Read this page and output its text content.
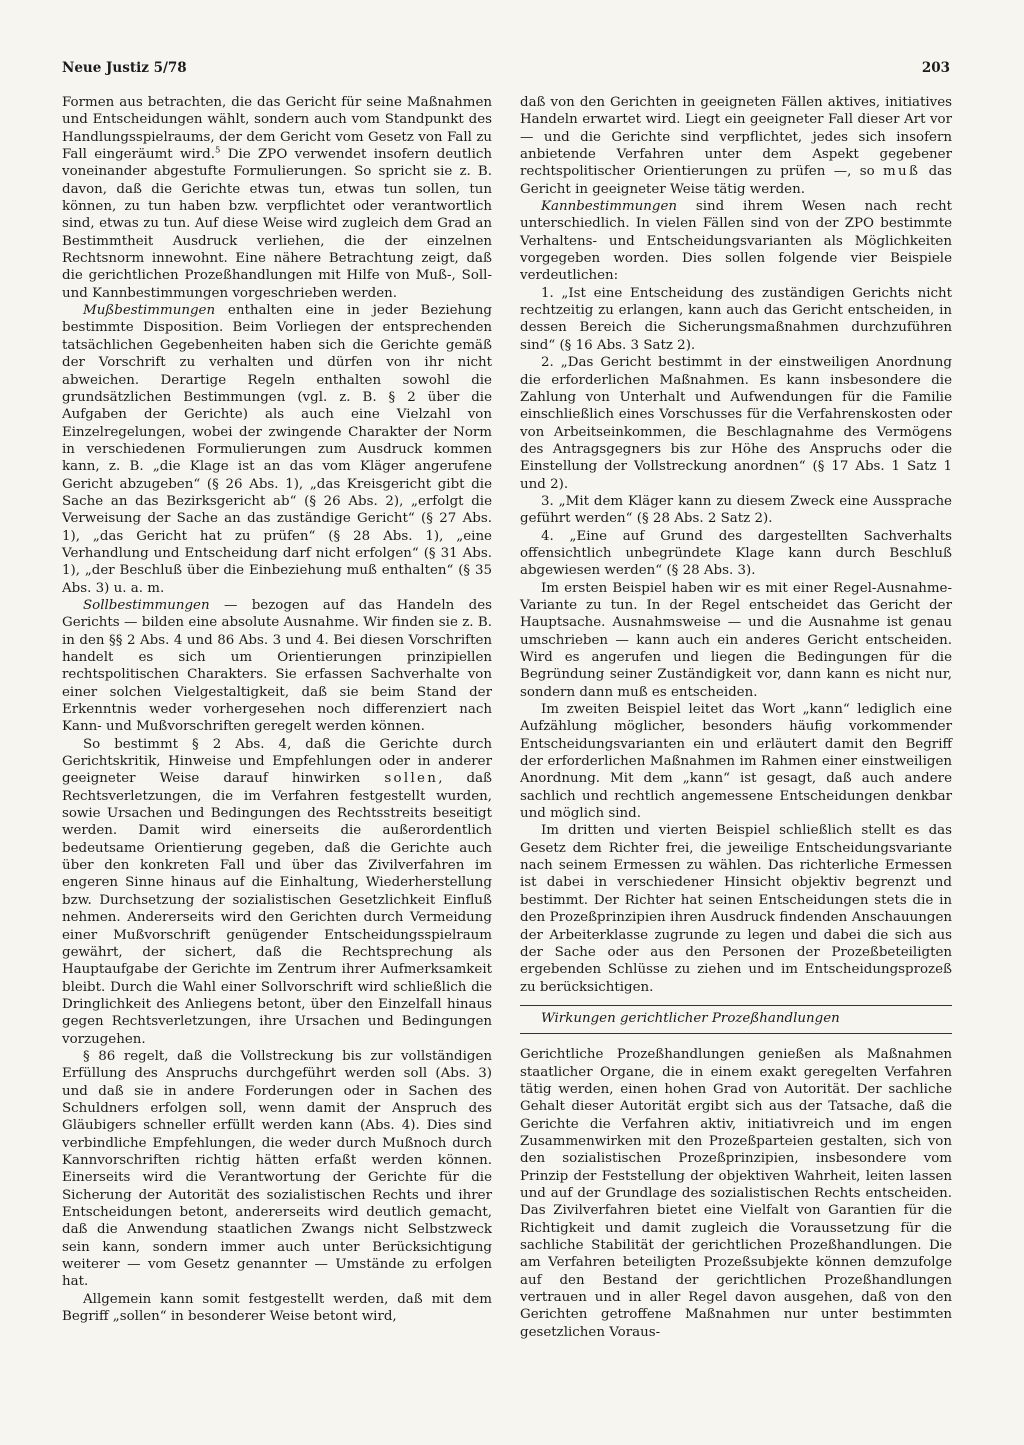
Neue Justiz 5/78	203

Formen aus betrachten, die das Gericht für seine Maßnahmen und Entscheidungen wählt, sondern auch vom Standpunkt des Handlungsspielraums, der dem Gericht vom Gesetz von Fall zu Fall eingeräumt wird.$^5$ Die ZPO verwendet insofern deutlich voneinander abgestufte Formulierungen. So spricht sie z. B. davon, daß die Gerichte etwas tun, etwas tun sollen, tun können, zu tun haben bzw. verpflichtet oder verantwortlich sind, etwas zu tun. Auf diese Weise wird zugleich dem Grad an Bestimmtheit Ausdruck verliehen, die der einzelnen Rechtsnorm innewohnt. Eine nähere Betrachtung zeigt, daß die gerichtlichen Prozeßhandlungen mit Hilfe von Muß-, Soll- und Kannbestimmungen vorgeschrieben werden.

Mußbestimmungen enthalten eine in jeder Beziehung bestimmte Disposition. Beim Vorliegen der entsprechenden tatsächlichen Gegebenheiten haben sich die Gerichte gemäß der Vorschrift zu verhalten und dürfen von ihr nicht abweichen. Derartige Regeln enthalten sowohl die grundsätzlichen Bestimmungen (vgl. z. B. § 2 über die Aufgaben der Gerichte) als auch eine Vielzahl von Einzelregelungen, wobei der zwingende Charakter der Norm in verschiedenen Formulierungen zum Ausdruck kommen kann, z. B. „die Klage ist an das vom Kläger angerufene Gericht abzugeben“ (§ 26 Abs. 1), „das Kreisgericht gibt die Sache an das Bezirksgericht ab“ (§ 26 Abs. 2), „erfolgt die Verweisung der Sache an das zuständige Gericht“ (§ 27 Abs. 1), „das Gericht hat zu prüfen“ (§ 28 Abs. 1), „eine Verhandlung und Entscheidung darf nicht erfolgen“ (§ 31 Abs. 1), „der Beschluß über die Einbeziehung muß enthalten“ (§ 35 Abs. 3) u. a. m.

Sollbestimmungen — bezogen auf das Handeln des Gerichts — bilden eine absolute Ausnahme. Wir finden sie z. B. in den §§ 2 Abs. 4 und 86 Abs. 3 und 4. Bei diesen Vorschriften handelt es sich um Orientierungen prinzipiellen rechtspolitischen Charakters. Sie erfassen Sachverhalte von einer solchen Vielgestaltigkeit, daß sie beim Stand der Erkenntnis weder vorhergesehen noch differenziert nach Kann- und Mußvorschriften geregelt werden können.

So bestimmt § 2 Abs. 4, daß die Gerichte durch Gerichtskritik, Hinweise und Empfehlungen oder in anderer geeigneter Weise darauf hinwirken sollen, daß Rechtsverletzungen, die im Verfahren festgestellt wurden, sowie Ursachen und Bedingungen des Rechtsstreits beseitigt werden. Damit wird einerseits die außerordentlich bedeutsame Orientierung gegeben, daß die Gerichte auch über den konkreten Fall und über das Zivilverfahren im engeren Sinne hinaus auf die Einhaltung, Wiederherstellung bzw. Durchsetzung der sozialistischen Gesetzlichkeit Einfluß nehmen. Andererseits wird den Gerichten durch Vermeidung einer Mußvorschrift genügender Entscheidungsspielraum gewährt, der sichert, daß die Rechtsprechung als Hauptaufgabe der Gerichte im Zentrum ihrer Aufmerksamkeit bleibt. Durch die Wahl einer Sollvorschrift wird schließlich die Dringlichkeit des Anliegens betont, über den Einzelfall hinaus gegen Rechtsverletzungen, ihre Ursachen und Bedingungen vorzugehen.

§ 86 regelt, daß die Vollstreckung bis zur vollständigen Erfüllung des Anspruchs durchgeführt werden soll (Abs. 3) und daß sie in andere Forderungen oder in Sachen des Schuldners erfolgen soll, wenn damit der Anspruch des Gläubigers schneller erfüllt werden kann (Abs. 4). Dies sind verbindliche Empfehlungen, die weder durch Mußnoch durch Kannvorschriften richtig hätten erfaßt werden können. Einerseits wird die Verantwortung der Gerichte für die Sicherung der Autorität des sozialistischen Rechts und ihrer Entscheidungen betont, andererseits wird deutlich gemacht, daß die Anwendung staatlichen Zwangs nicht Selbstzweck sein kann, sondern immer auch unter Berücksichtigung weiterer — vom Gesetz genannter — Umstände zu erfolgen hat.

Allgemein kann somit festgestellt werden, daß mit dem Begriff „sollen“ in besonderer Weise betont wird,

daß von den Gerichten in geeigneten Fällen aktives, initiatives Handeln erwartet wird. Liegt ein geeigneter Fall dieser Art vor — und die Gerichte sind verpflichtet, jedes sich insofern anbietende Verfahren unter dem Aspekt gegebener rechtspolitischer Orientierungen zu prüfen —, so muß das Gericht in geeigneter Weise tätig werden.

Kannbestimmungen sind ihrem Wesen nach recht unterschiedlich. In vielen Fällen sind von der ZPO bestimmte Verhaltens- und Entscheidungsvarianten als Möglichkeiten vorgegeben worden. Dies sollen folgende vier Beispiele verdeutlichen:

1. „Ist eine Entscheidung des zuständigen Gerichts nicht rechtzeitig zu erlangen, kann auch das Gericht entscheiden, in dessen Bereich die Sicherungsmaßnahmen durchzuführen sind“ (§ 16 Abs. 3 Satz 2).

2. „Das Gericht bestimmt in der einstweiligen Anordnung die erforderlichen Maßnahmen. Es kann insbesondere die Zahlung von Unterhalt und Aufwendungen für die Familie einschließlich eines Vorschusses für die Verfahrenskosten oder von Arbeitseinkommen, die Beschlagnahme des Vermögens des Antragsgegners bis zur Höhe des Anspruchs oder die Einstellung der Vollstreckung anordnen“ (§ 17 Abs. 1 Satz 1 und 2).

3. „Mit dem Kläger kann zu diesem Zweck eine Aussprache geführt werden“ (§ 28 Abs. 2 Satz 2).

4. „Eine auf Grund des dargestellten Sachverhalts offensichtlich unbegründete Klage kann durch Beschluß abgewiesen werden“ (§ 28 Abs. 3).

Im ersten Beispiel haben wir es mit einer Regel-Ausnahme-Variante zu tun. In der Regel entscheidet das Gericht der Hauptsache. Ausnahmsweise — und die Ausnahme ist genau umschrieben — kann auch ein anderes Gericht entscheiden. Wird es angerufen und liegen die Bedingungen für die Begründung seiner Zuständigkeit vor, dann kann es nicht nur, sondern dann muß es entscheiden.

Im zweiten Beispiel leitet das Wort „kann“ lediglich eine Aufzählung möglicher, besonders häufig vorkommender Entscheidungsvarianten ein und erläutert damit den Begriff der erforderlichen Maßnahmen im Rahmen einer einstweiligen Anordnung. Mit dem „kann“ ist gesagt, daß auch andere sachlich und rechtlich angemessene Entscheidungen denkbar und möglich sind.

Im dritten und vierten Beispiel schließlich stellt es das Gesetz dem Richter frei, die jeweilige Entscheidungsvariante nach seinem Ermessen zu wählen. Das richterliche Ermessen ist dabei in verschiedener Hinsicht objektiv begrenzt und bestimmt. Der Richter hat seinen Entscheidungen stets die in den Prozeßprinzipien ihren Ausdruck findenden Anschauungen der Arbeiterklasse zugrunde zu legen und dabei die sich aus der Sache oder aus den Personen der Prozeßbeteiligten ergebenden Schlüsse zu ziehen und im Entscheidungsprozeß zu berücksichtigen.

Wirkungen gerichtlicher Prozeßhandlungen

Gerichtliche Prozeßhandlungen genießen als Maßnahmen staatlicher Organe, die in einem exakt geregelten Verfahren tätig werden, einen hohen Grad von Autorität. Der sachliche Gehalt dieser Autorität ergibt sich aus der Tatsache, daß die Gerichte die Verfahren aktiv, initiativreich und im engen Zusammenwirken mit den Prozeßparteien gestalten, sich von den sozialistischen Prozeßprinzipien, insbesondere vom Prinzip der Feststellung der objektiven Wahrheit, leiten lassen und auf der Grundlage des sozialistischen Rechts entscheiden. Das Zivilverfahren bietet eine Vielfalt von Garantien für die Richtigkeit und damit zugleich die Voraussetzung für die sachliche Stabilität der gerichtlichen Prozeßhandlungen. Die am Verfahren beteiligten Prozeßsubjekte können demzufolge auf den Bestand der gerichtlichen Prozeßhandlungen vertrauen und in aller Regel davon ausgehen, daß von den Gerichten getroffene Maßnahmen nur unter bestimmten gesetzlichen Voraus-
